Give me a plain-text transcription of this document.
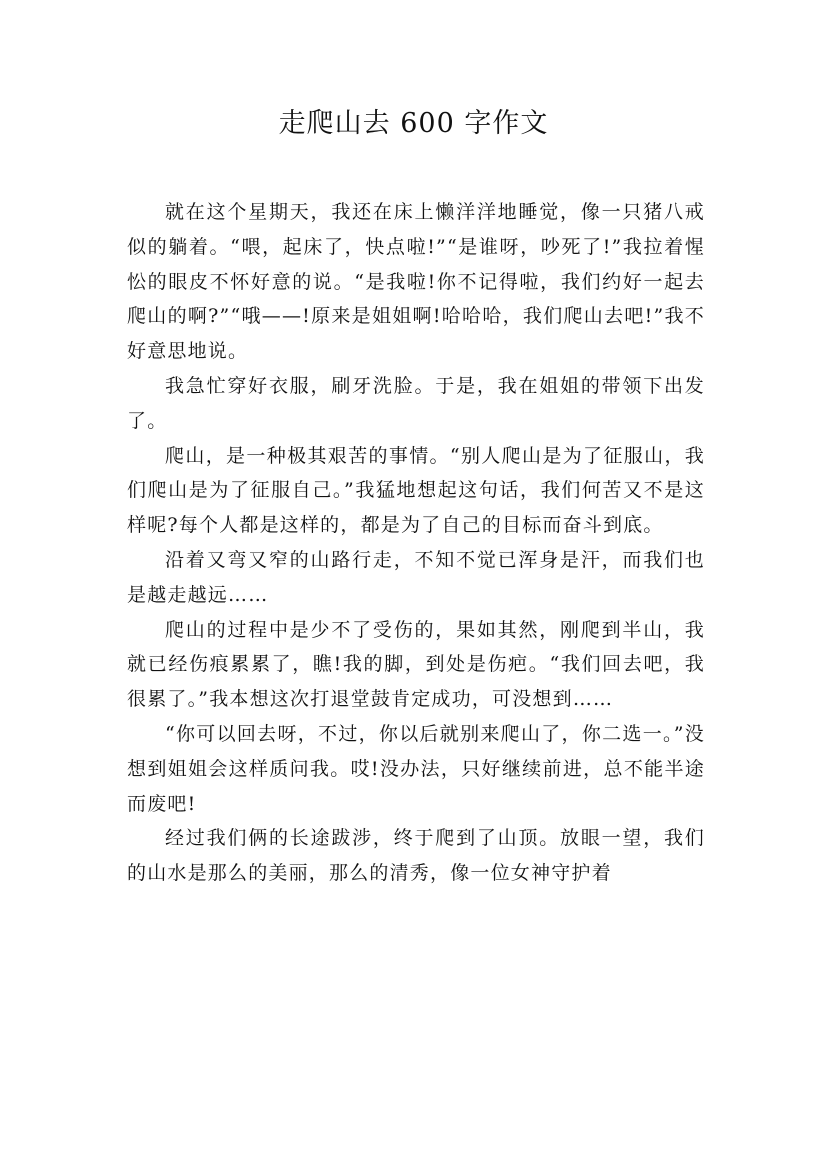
走爬山去 600 字作文

就在这个星期天，我还在床上懒洋洋地睡觉，像一只猪八戒似的躺着。“喂，起床了，快点啦!”“是谁呀，吵死了!”我拉着惺忪的眼皮不怀好意的说。“是我啦!你不记得啦，我们约好一起去 爬山的啊?”“哦——!原来是姐姐啊!哈哈哈，我们爬山去吧!”我不好意思地说。

我急忙穿好衣服，刷牙洗脸。于是，我在姐姐的带领下出发了。

爬山，是一种极其艰苦的事情。“别人爬山是为了征服山，我们爬山是为了征服自己。”我猛地想起这句话，我们何苦又不是这样呢?每个人都是这样的，都是为了自己的目标而奋斗到底。

沿着又弯又窄的山路行走，不知不觉已浑身是汗，而我们也是越走越远……

爬山的过程中是少不了受伤的，果如其然，刚爬到半山，我就已经伤痕累累了，瞧!我的脚，到处是伤疤。“我们回去吧，我很累了。”我本想这次打退堂鼓肯定成功，可没想到……

“你可以回去呀，不过，你以后就别来爬山了，你二选一。”没想到姐姐会这样质问我。哎!没办法，只好继续前进，总不能半途而废吧!

经过我们俩的长途跋涉，终于爬到了山顶。放眼一望，我们的山水是那么的美丽，那么的清秀，像一位女神守护着
